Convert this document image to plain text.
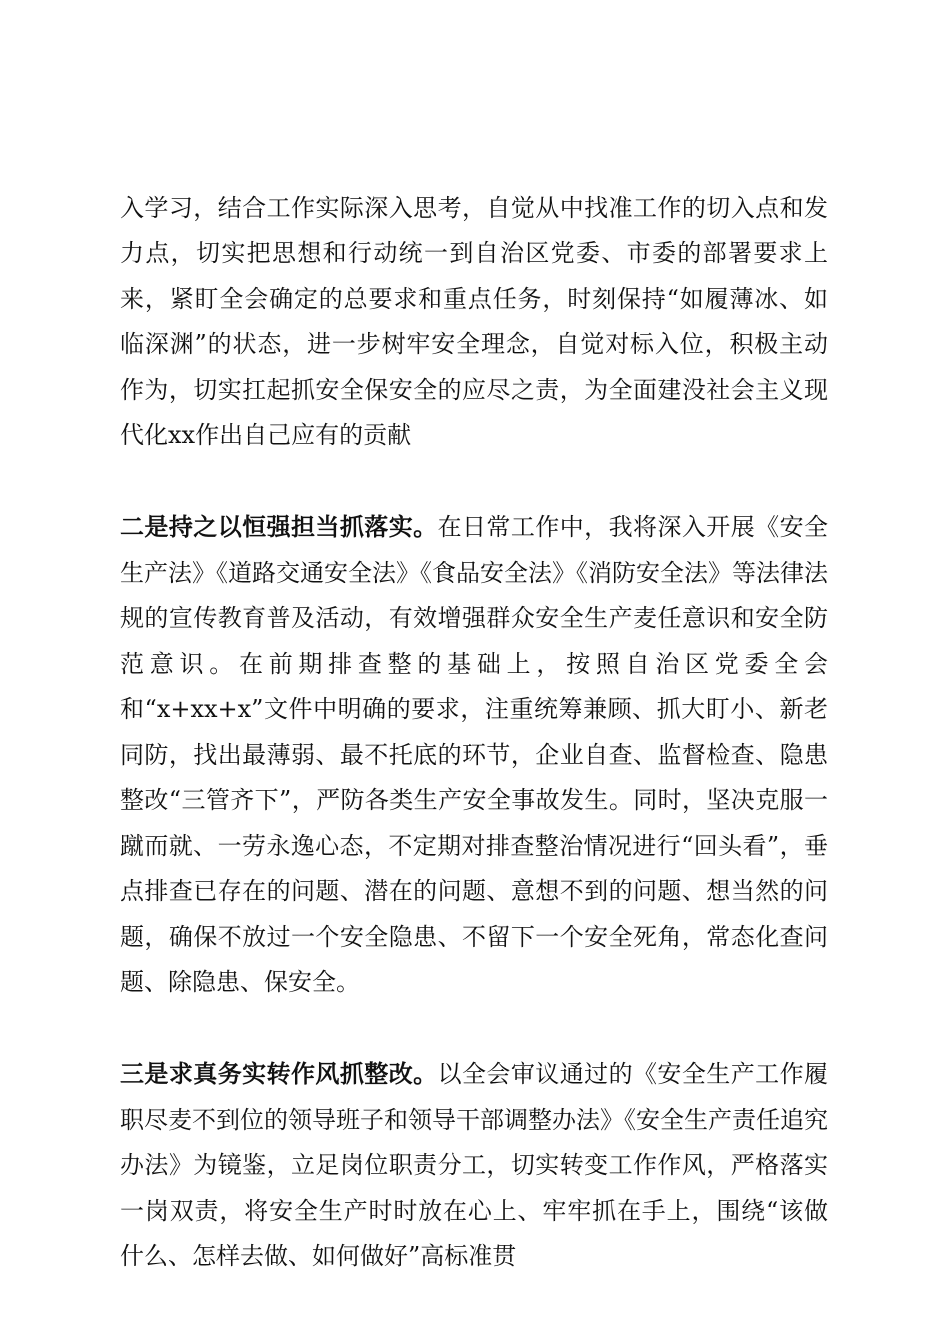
入学习，结合工作实际深入思考，自觉从中找准工作的切入点和发力点，切实把思想和行动统一到自治区党委、市委的部署要求上来，紧盯全会确定的总要求和重点任务，时刻保持“如履薄冰、如临深渊”的状态，进一步树牢安全理念，自觉对标入位，积极主动作为，切实扛起抓安全保安全的应尽之责，为全面建没社会主义现代化xx作出自己应有的贡献

二是持之以恒强担当抓落实。在日常工作中，我将深入开展《安全生产法》《道路交通安全法》《食品安全法》《消防安全法》等法律法规的宣传教育普及活动，有效增强群众安全生产麦任意识和安全防范意识。在前期排查整的基础上，按照自治区党委全会和“x+xx+x”文件中明确的要求，注重统筹兼顾、抓大盯小、新老同防，找出最薄弱、最不托底的环节，企业自查、监督检查、隐患整改“三管齐下”，严防各类生产安全事故发生。同时，坚决克服一蹴而就、一劳永逸心态，不定期对排查整治情况进行“回头看”，垂点排查已存在的问题、潜在的问题、意想不到的问题、想当然的问题，确保不放过一个安全隐患、不留下一个安全死角，常态化查问题、除隐患、保安全。

三是求真务实转作风抓整改。以全会审议通过的《安全生产工作履职尽麦不到位的领导班子和领导干部调整办法》《安全生产责任追究办法》为镜鉴，立足岗位职责分工，切实转变工作作风，严格落实一岗双责，将安全生产时时放在心上、牢牢抓在手上，围绕“该做什么、怎样去做、如何做好”高标准贯
